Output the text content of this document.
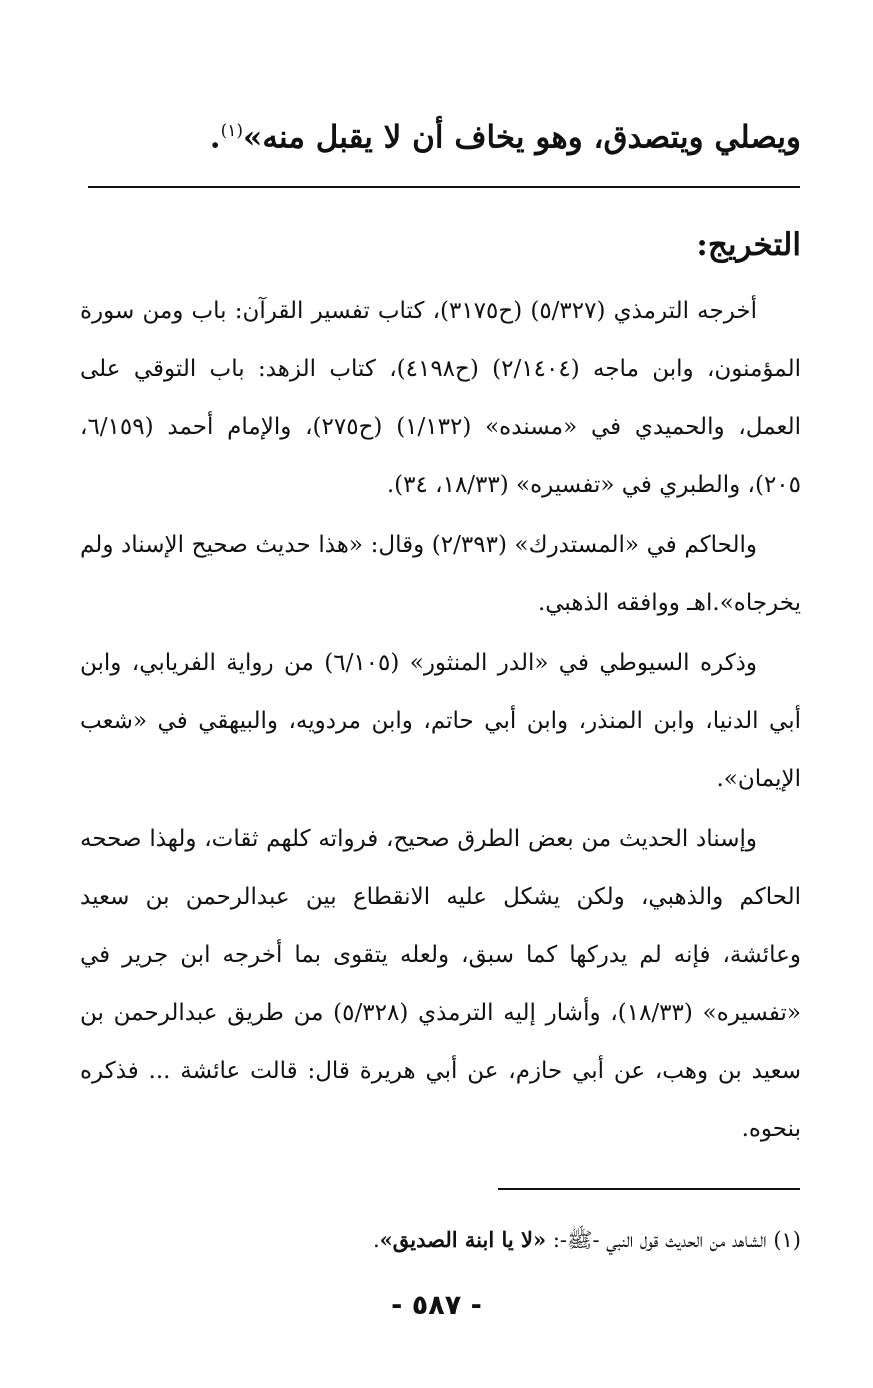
ويصلي ويتصدق، وهو يخاف أن لا يقبل منه»$^{(١)}$.
التخريج:

أخرجه الترمذي (٥/٣٢٧) (ح٣١٧٥)، كتاب تفسير القرآن: باب ومن سورة المؤمنون، وابن ماجه (٢/١٤٠٤) (ح٤١٩٨)، كتاب الزهد: باب التوقي على العمل، والحميدي في «مسنده» (١/١٣٢) (ح٢٧٥)، والإمام أحمد (٦/١٥٩، ٢٠٥)، والطبري في «تفسيره» (١٨/٣٣، ٣٤).

والحاكم في «المستدرك» (٢/٣٩٣) وقال: «هذا حديث صحيح الإسناد ولم يخرجاه».اهـ ووافقه الذهبي.

وذكره السيوطي في «الدر المنثور» (٦/١٠٥) من رواية الفريابي، وابن أبي الدنيا، وابن المنذر، وابن أبي حاتم، وابن مردويه، والبيهقي في «شعب الإيمان».

وإسناد الحديث من بعض الطرق صحيح، فرواته كلهم ثقات، ولهذا صححه الحاكم والذهبي، ولكن يشكل عليه الانقطاع بين عبدالرحمن بن سعيد وعائشة، فإنه لم يدركها كما سبق، ولعله يتقوى بما أخرجه ابن جرير في «تفسيره» (١٨/٣٣)، وأشار إليه الترمذي (٥/٣٢٨) من طريق عبدالرحمن بن سعيد بن وهب، عن أبي حازم، عن أبي هريرة قال: قالت عائشة ... فذكره بنحوه.

(١) الشاهد من الحديث قول النبي -ﷺ-: «لا يا ابنة الصديق».
- ٥٨٧ -
